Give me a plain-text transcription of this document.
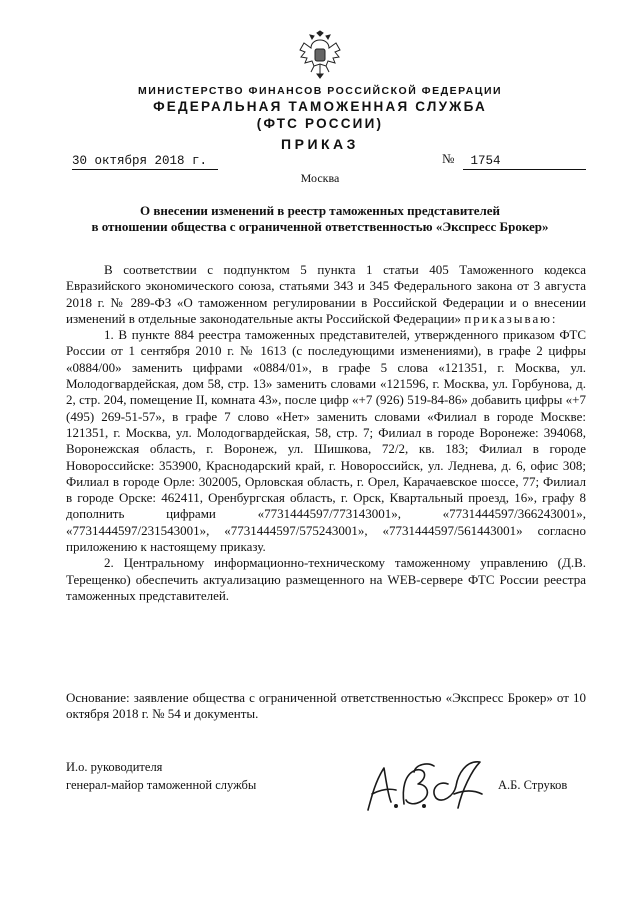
МИНИСТЕРСТВО ФИНАНСОВ РОССИЙСКОЙ ФЕДЕРАЦИИ
ФЕДЕРАЛЬНАЯ ТАМОЖЕННАЯ СЛУЖБА
(ФТС РОССИИ)
ПРИКАЗ
30 октября 2018 г.	№	1754
Москва
О внесении изменений в реестр таможенных представителей
в отношении общества с ограниченной ответственностью «Экспресс Брокер»

В соответствии с подпунктом 5 пункта 1 статьи 405 Таможенного кодекса Евразийского экономического союза, статьями 343 и 345 Федерального закона от 3 августа 2018 г. № 289-ФЗ «О таможенном регулировании в Российской Федерации и о внесении изменений в отдельные законодательные акты Российской Федерации» приказываю:

1. В пункте 884 реестра таможенных представителей, утвержденного приказом ФТС России от 1 сентября 2010 г. № 1613 (с последующими изменениями), в графе 2 цифры «0884/00» заменить цифрами «0884/01», в графе 5 слова «121351, г. Москва, ул. Молодогвардейская, дом 58, стр. 13» заменить словами «121596, г. Москва, ул. Горбунова, д. 2, стр. 204, помещение II, комната 43», после цифр «+7 (926) 519-84-86» добавить цифры «+7 (495) 269-51-57», в графе 7 слово «Нет» заменить словами «Филиал в городе Москве: 121351, г. Москва, ул. Молодогвардейская, 58, стр. 7; Филиал в городе Воронеже: 394068, Воронежская область, г. Воронеж, ул. Шишкова, 72/2, кв. 183; Филиал в городе Новороссийске: 353900, Краснодарский край, г. Новороссийск, ул. Леднева, д. 6, офис 308; Филиал в городе Орле: 302005, Орловская область, г. Орел, Карачаевское шоссе, 77; Филиал в городе Орске: 462411, Оренбургская область, г. Орск, Квартальный проезд, 16», графу 8 дополнить цифрами «7731444597/773143001», «7731444597/366243001», «7731444597/231543001», «7731444597/575243001», «7731444597/561443001» согласно приложению к настоящему приказу.

2. Центральному информационно-техническому таможенному управлению (Д.В. Терещенко) обеспечить актуализацию размещенного на WEB-сервере ФТС России реестра таможенных представителей.

Основание: заявление общества с ограниченной ответственностью «Экспресс Брокер» от 10 октября 2018 г. № 54 и документы.
И.о. руководителя
генерал-майор таможенной службы	А.Б. Струков
